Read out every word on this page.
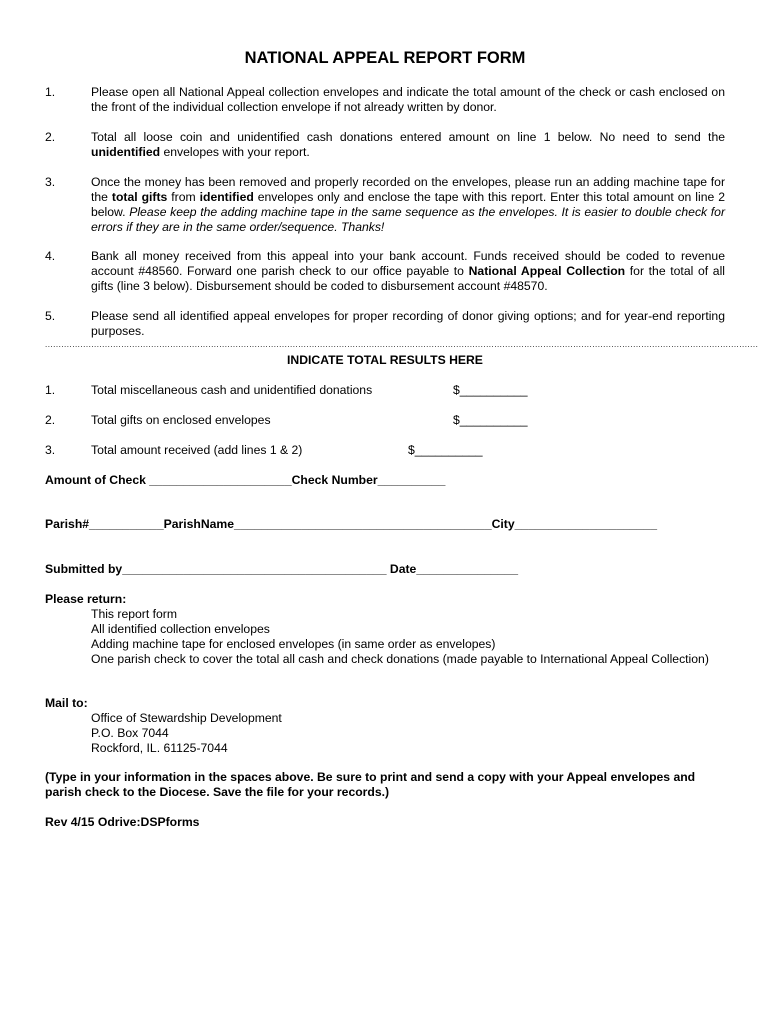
NATIONAL APPEAL REPORT FORM
1.	Please open all National Appeal collection envelopes and indicate the total amount of the check or cash enclosed on the front of the individual collection envelope if not already written by donor.
2.	Total all loose coin and unidentified cash donations entered amount on line 1 below. No need to send the unidentified envelopes with your report.
3.	Once the money has been removed and properly recorded on the envelopes, please run an adding machine tape for the total gifts from identified envelopes only and enclose the tape with this report. Enter this total amount on line 2 below. Please keep the adding machine tape in the same sequence as the envelopes. It is easier to double check for errors if they are in the same order/sequence. Thanks!
4.	Bank all money received from this appeal into your bank account. Funds received should be coded to revenue account #48560. Forward one parish check to our office payable to National Appeal Collection for the total of all gifts (line 3 below). Disbursement should be coded to disbursement account #48570.
5.	Please send all identified appeal envelopes for proper recording of donor giving options; and for year-end reporting purposes.
......................................................................................................................................................................................................................................................................
INDICATE TOTAL RESULTS HERE
1.	Total miscellaneous cash and unidentified donations	$__________
2.	Total gifts on enclosed envelopes	$__________
3.	Total amount received (add lines 1 & 2)	$__________
Amount of Check _____________________Check Number__________
Parish#___________ParishName______________________________________City_____________________
Submitted by_______________________________________ Date_______________
Please return:
This report form
All identified collection envelopes
Adding machine tape for enclosed envelopes (in same order as envelopes)
One parish check to cover the total all cash and check donations (made payable to International Appeal Collection)
Mail to:
Office of Stewardship Development
P.O. Box 7044
Rockford, IL. 61125-7044
(Type in your information in the spaces above. Be sure to print and send a copy with your Appeal envelopes and parish check to the Diocese. Save the file for your records.)
Rev 4/15 Odrive:DSPforms
